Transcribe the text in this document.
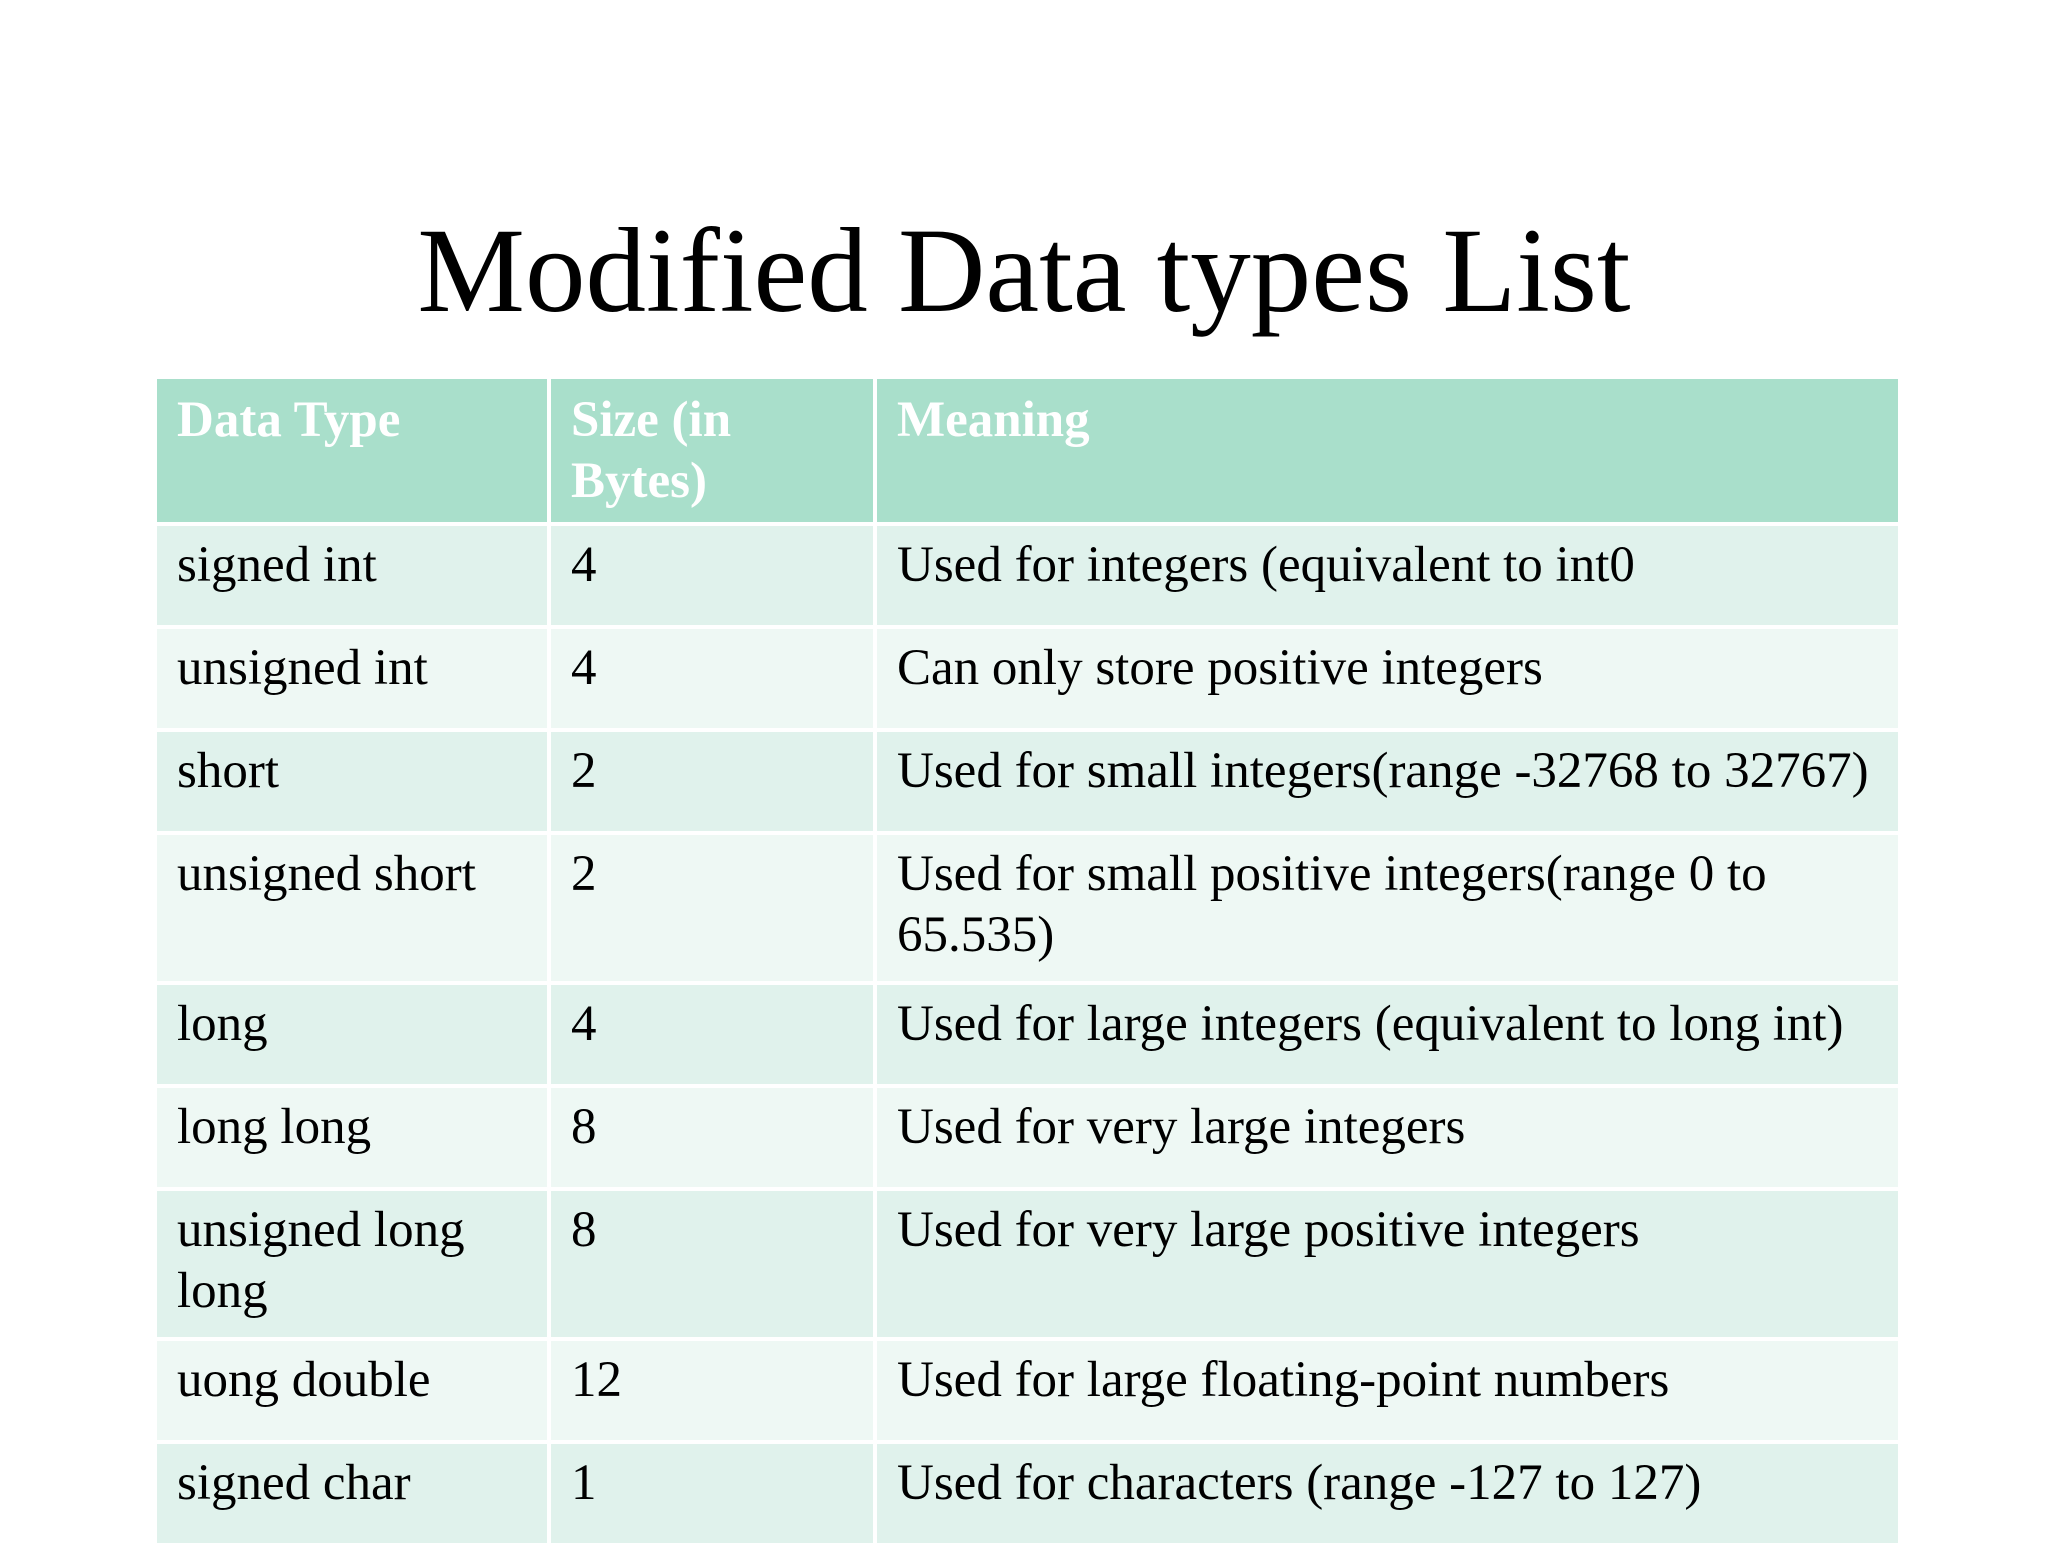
Modified Data types List
Data Type	Size (in Bytes)	Meaning
signed int	4	Used for integers (equivalent to int0
unsigned int	4	Can only store positive integers
short	2	Used for small integers(range -32768 to 32767)
unsigned short	2	Used for small positive integers(range 0 to 65.535)
long	4	Used for large integers (equivalent to long int)
long long	8	Used for very large integers
unsigned long long	8	Used for very large positive integers
uong double	12	Used for large floating-point numbers
signed char	1	Used for characters (range -127 to 127)
